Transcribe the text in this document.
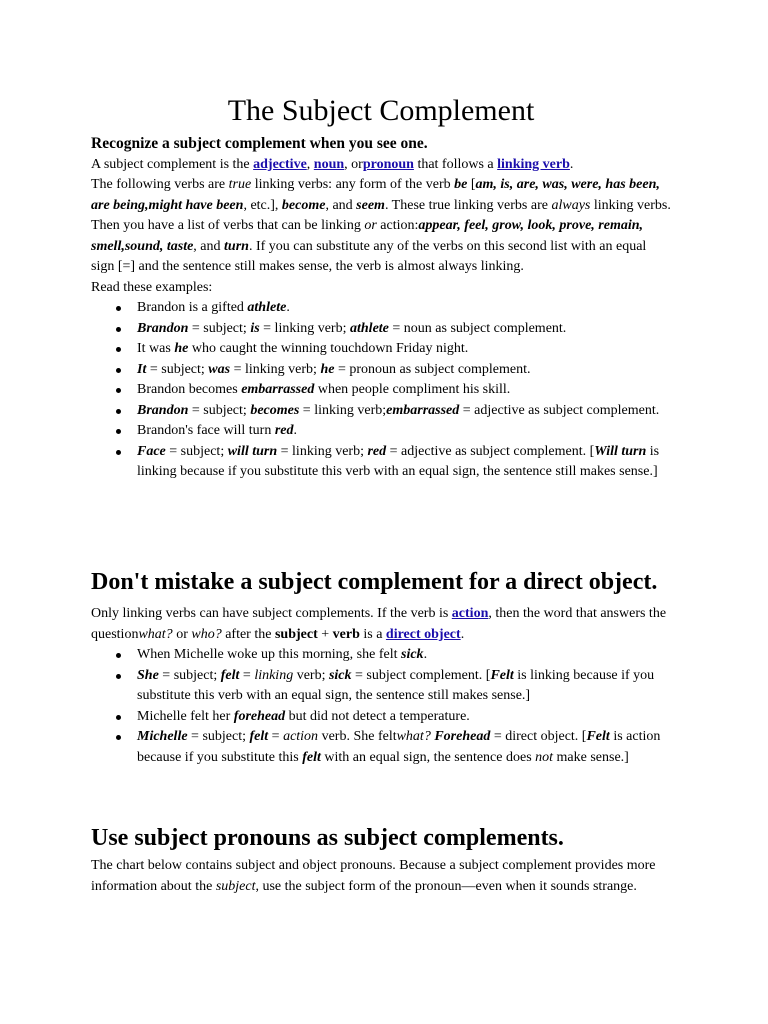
The Subject Complement
Recognize a subject complement when you see one.
A subject complement is the adjective, noun, orpronoun that follows a linking verb.
The following verbs are true linking verbs: any form of the verb be [am, is, are, was, were, has been, are being,might have been, etc.], become, and seem. These true linking verbs are always linking verbs.
Then you have a list of verbs that can be linking or action:appear, feel, grow, look, prove, remain, smell,sound, taste, and turn. If you can substitute any of the verbs on this second list with an equal sign [=] and the sentence still makes sense, the verb is almost always linking.
Read these examples:
Brandon is a gifted athlete.
Brandon = subject; is = linking verb; athlete = noun as subject complement.
It was he who caught the winning touchdown Friday night.
It = subject; was = linking verb; he = pronoun as subject complement.
Brandon becomes embarrassed when people compliment his skill.
Brandon = subject; becomes = linking verb;embarrassed = adjective as subject complement.
Brandon's face will turn red.
Face = subject; will turn = linking verb; red = adjective as subject complement. [Will turn is linking because if you substitute this verb with an equal sign, the sentence still makes sense.]
Don't mistake a subject complement for a direct object.
Only linking verbs can have subject complements. If the verb is action, then the word that answers the questionwhat? or who? after the subject + verb is a direct object.
When Michelle woke up this morning, she felt sick.
She = subject; felt = linking verb; sick = subject complement. [Felt is linking because if you substitute this verb with an equal sign, the sentence still makes sense.]
Michelle felt her forehead but did not detect a temperature.
Michelle = subject; felt = action verb. She feltwhat? Forehead = direct object. [Felt is action because if you substitute this felt with an equal sign, the sentence does not make sense.]
Use subject pronouns as subject complements.
The chart below contains subject and object pronouns. Because a subject complement provides more information about the subject, use the subject form of the pronoun—even when it sounds strange.
